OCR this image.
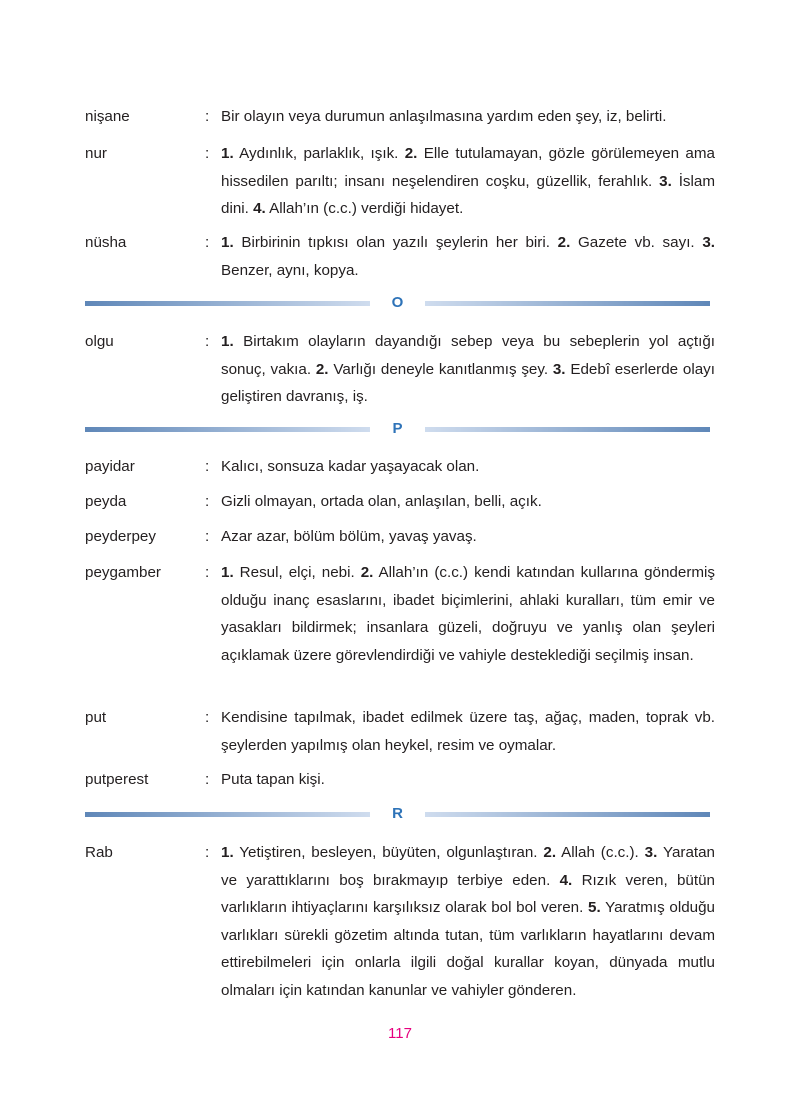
nişane	: Bir olayın veya durumun anlaşılmasına yardım eden şey, iz, belirti.
nur	: 1. Aydınlık, parlaklık, ışık. 2. Elle tutulamayan, gözle görülemeyen ama hissedilen parıltı; insanı neşelendiren coşku, güzellik, ferahlık. 3. İslam dini. 4. Allah’ın (c.c.) verdiği hidayet.
nüsha	: 1. Birbirinin tıpkısı olan yazılı şeylerin her biri. 2. Gazete vb. sayı. 3. Benzer, aynı, kopya.
O
olgu	: 1. Birtakım olayların dayandığı sebep veya bu sebeplerin yol açtığı sonuç, vakıa. 2. Varlığı deneyle kanıtlanmış şey. 3. Edebî eserlerde olayı geliştiren davranış, iş.
P
payidar	: Kalıcı, sonsuza kadar yaşayacak olan.
peyda	: Gizli olmayan, ortada olan, anlaşılan, belli, açık.
peyderpey	: Azar azar, bölüm bölüm, yavaş yavaş.
peygamber	: 1. Resul, elçi, nebi. 2. Allah’ın (c.c.) kendi katından kullarına göndermiş olduğu inanç esaslarını, ibadet biçimlerini, ahlaki kuralları, tüm emir ve yasakları bildirmek; insanlara güzeli, doğruyu ve yanlış olan şeyleri açıklamak üzere görevlendirdiği ve vahiyle desteklediği seçilmiş insan.
put	: Kendisine tapılmak, ibadet edilmek üzere taş, ağaç, maden, toprak vb. şeylerden yapılmış olan heykel, resim ve oymalar.
putperest	: Puta tapan kişi.
R
Rab	: 1. Yetiştiren, besleyen, büyüten, olgunlaştıran. 2. Allah (c.c.). 3. Yaratan ve yarattıklarını boş bırakmayıp terbiye eden. 4. Rızık veren, bütün varlıkların ihtiyaçlarını karşılıksız olarak bol bol veren. 5. Yaratmış olduğu varlıkları sürekli gözetim altında tutan, tüm varlıkların hayatlarını devam ettirebilmeleri için onlarla ilgili doğal kurallar koyan, dünyada mutlu olmaları için katından kanunlar ve vahiyler gönderen.
117
